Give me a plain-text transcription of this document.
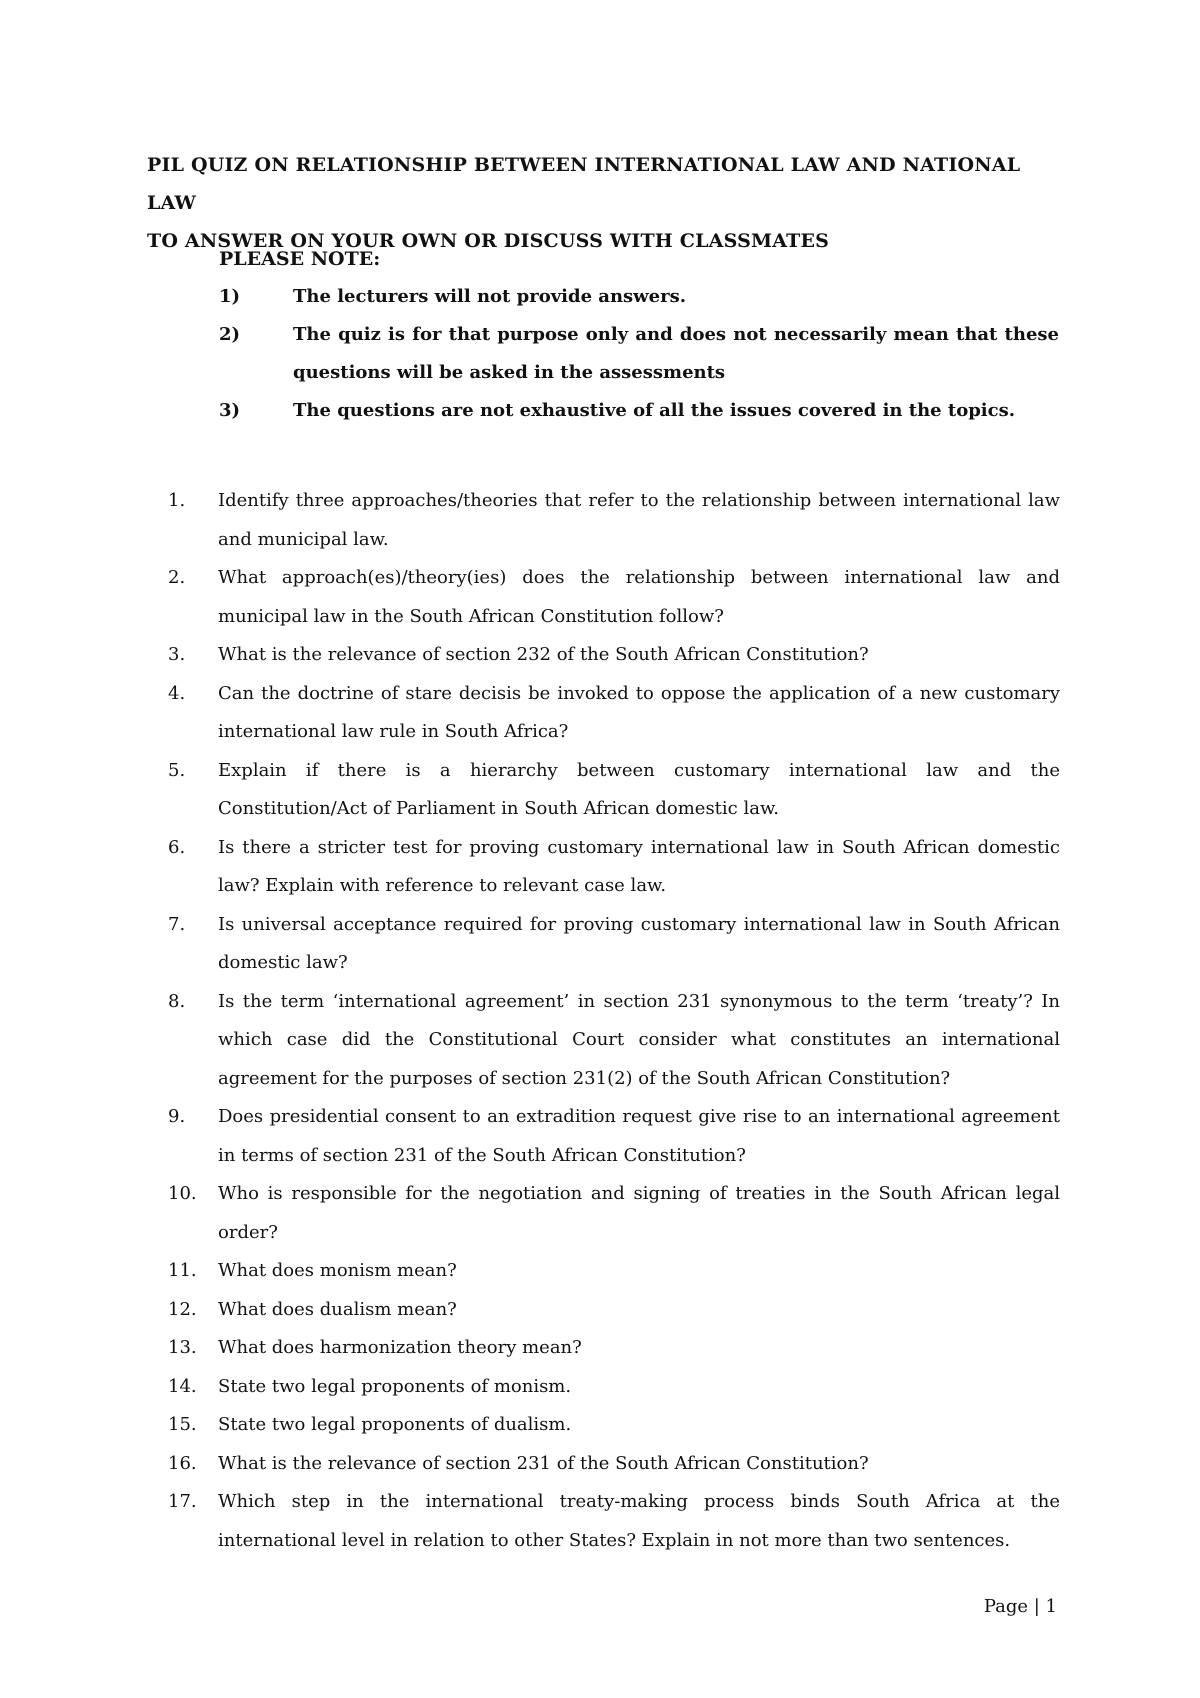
PIL QUIZ ON RELATIONSHIP BETWEEN INTERNATIONAL LAW AND NATIONAL LAW
TO ANSWER ON YOUR OWN OR DISCUSS WITH CLASSMATES
PLEASE NOTE:
1)	The lecturers will not provide answers.
2)	The quiz is for that purpose only and does not necessarily mean that these questions will be asked in the assessments
3)	The questions are not exhaustive of all the issues covered in the topics.
1.	Identify three approaches/theories that refer to the relationship between international law and municipal law.
2.	What approach(es)/theory(ies) does the relationship between international law and municipal law in the South African Constitution follow?
3.	What is the relevance of section 232 of the South African Constitution?
4.	Can the doctrine of stare decisis be invoked to oppose the application of a new customary international law rule in South Africa?
5.	Explain if there is a hierarchy between customary international law and the Constitution/Act of Parliament in South African domestic law.
6.	Is there a stricter test for proving customary international law in South African domestic law? Explain with reference to relevant case law.
7.	Is universal acceptance required for proving customary international law in South African domestic law?
8.	Is the term ‘international agreement’ in section 231 synonymous to the term ‘treaty’? In which case did the Constitutional Court consider what constitutes an international agreement for the purposes of section 231(2) of the South African Constitution?
9.	Does presidential consent to an extradition request give rise to an international agreement in terms of section 231 of the South African Constitution?
10.	Who is responsible for the negotiation and signing of treaties in the South African legal order?
11.	What does monism mean?
12.	What does dualism mean?
13.	What does harmonization theory mean?
14.	State two legal proponents of monism.
15.	State two legal proponents of dualism.
16.	What is the relevance of section 231 of the South African Constitution?
17.	Which step in the international treaty-making process binds South Africa at the international level in relation to other States? Explain in not more than two sentences.
Page | 1
